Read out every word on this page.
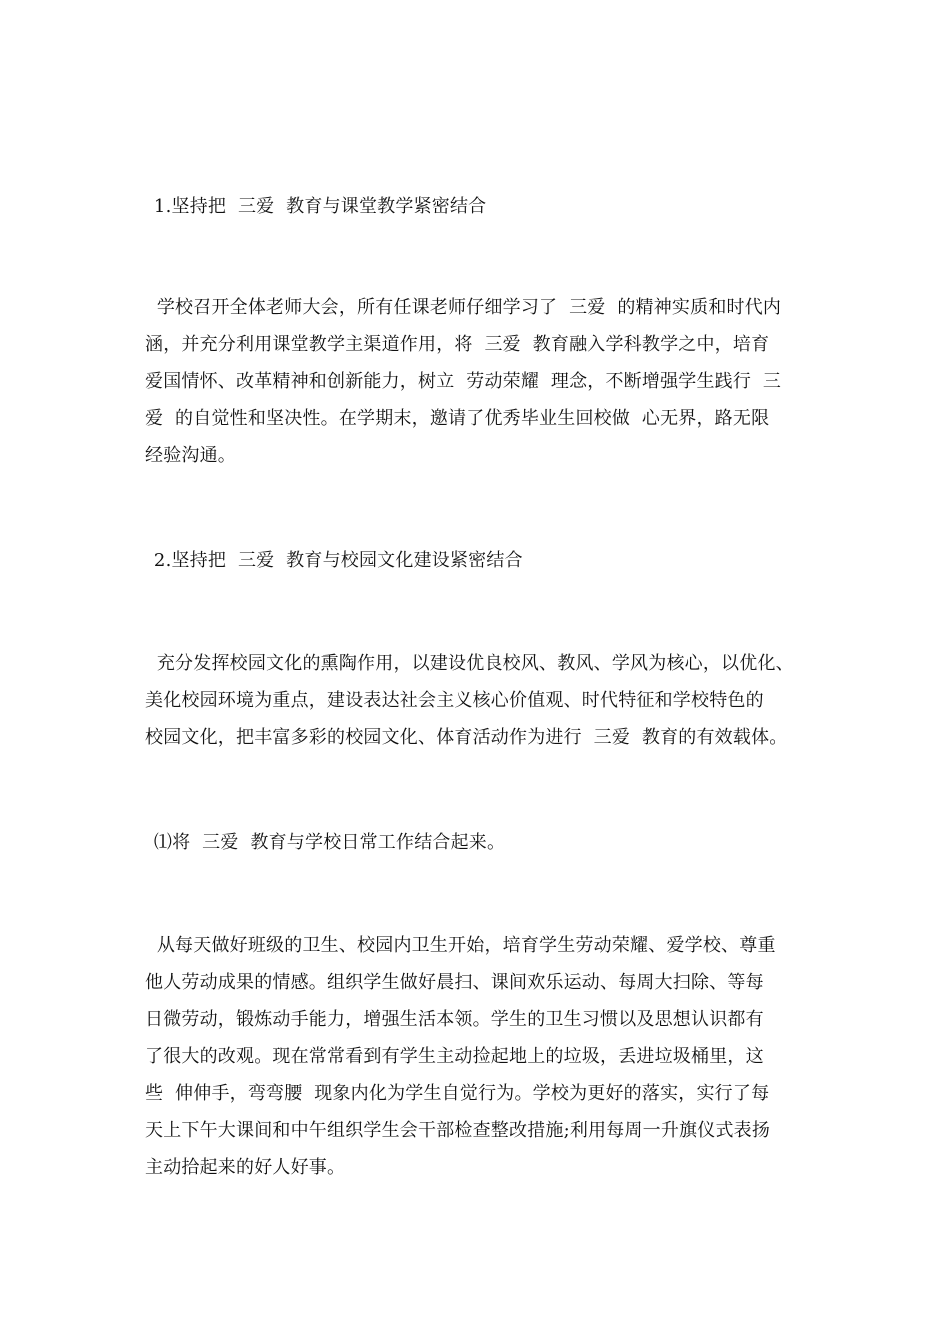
1.坚持把  三爱  教育与课堂教学紧密结合

学校召开全体老师大会，所有任课老师仔细学习了  三爱  的精神实质和时代内

涵，并充分利用课堂教学主渠道作用，将  三爱  教育融入学科教学之中，培育

爱国情怀、改革精神和创新能力，树立  劳动荣耀  理念，不断增强学生践行  三

爱  的自觉性和坚决性。在学期末，邀请了优秀毕业生回校做  心无界，路无限

经验沟通。

2.坚持把  三爱  教育与校园文化建设紧密结合

充分发挥校园文化的熏陶作用，以建设优良校风、教风、学风为核心，以优化、

美化校园环境为重点，建设表达社会主义核心价值观、时代特征和学校特色的

校园文化，把丰富多彩的校园文化、体育活动作为进行  三爱  教育的有效载体。

⑴将  三爱  教育与学校日常工作结合起来。

从每天做好班级的卫生、校园内卫生开始，培育学生劳动荣耀、爱学校、尊重

他人劳动成果的情感。组织学生做好晨扫、课间欢乐运动、每周大扫除、等每

日微劳动，锻炼动手能力，增强生活本领。学生的卫生习惯以及思想认识都有

了很大的改观。现在常常看到有学生主动捡起地上的垃圾，丢进垃圾桶里，这

些  伸伸手，弯弯腰  现象内化为学生自觉行为。学校为更好的落实，实行了每

天上下午大课间和中午组织学生会干部检查整改措施;利用每周一升旗仪式表扬

主动拾起来的好人好事。
